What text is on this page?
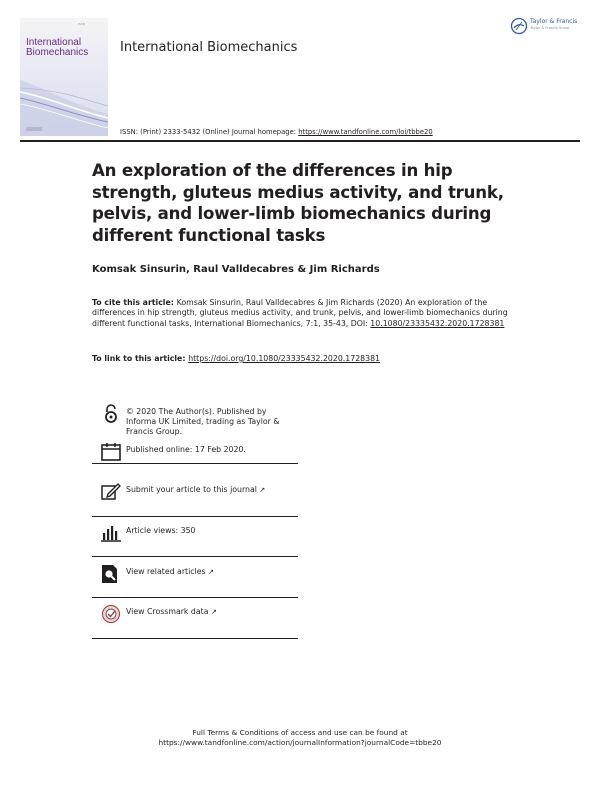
ISSN
International
Biomechanics International Biomechanics
Taylor & Francis
Taylor & Francis Group
ISSN: (Print) 2333-5432 (Online) Journal homepage: https://www.tandfonline.com/loi/tbbe20
An exploration of the differences in hip strength, gluteus medius activity, and trunk, pelvis, and lower-limb biomechanics during different functional tasks
Komsak Sinsurin, Raul Valldecabres & Jim Richards
To cite this article: Komsak Sinsurin, Raul Valldecabres & Jim Richards (2020) An exploration of the differences in hip strength, gluteus medius activity, and trunk, pelvis, and lower-limb biomechanics during different functional tasks, International Biomechanics, 7:1, 35-43, DOI: 10.1080/23335432.2020.1728381
To link to this article: https://doi.org/10.1080/23335432.2020.1728381
© 2020 The Author(s). Published by Informa UK Limited, trading as Taylor & Francis Group.
Published online: 17 Feb 2020.
Submit your article to this journal ↗
Article views: 350
View related articles ↗
View Crossmark data ↗
Full Terms & Conditions of access and use can be found at
https://www.tandfonline.com/action/journalInformation?journalCode=tbbe20
